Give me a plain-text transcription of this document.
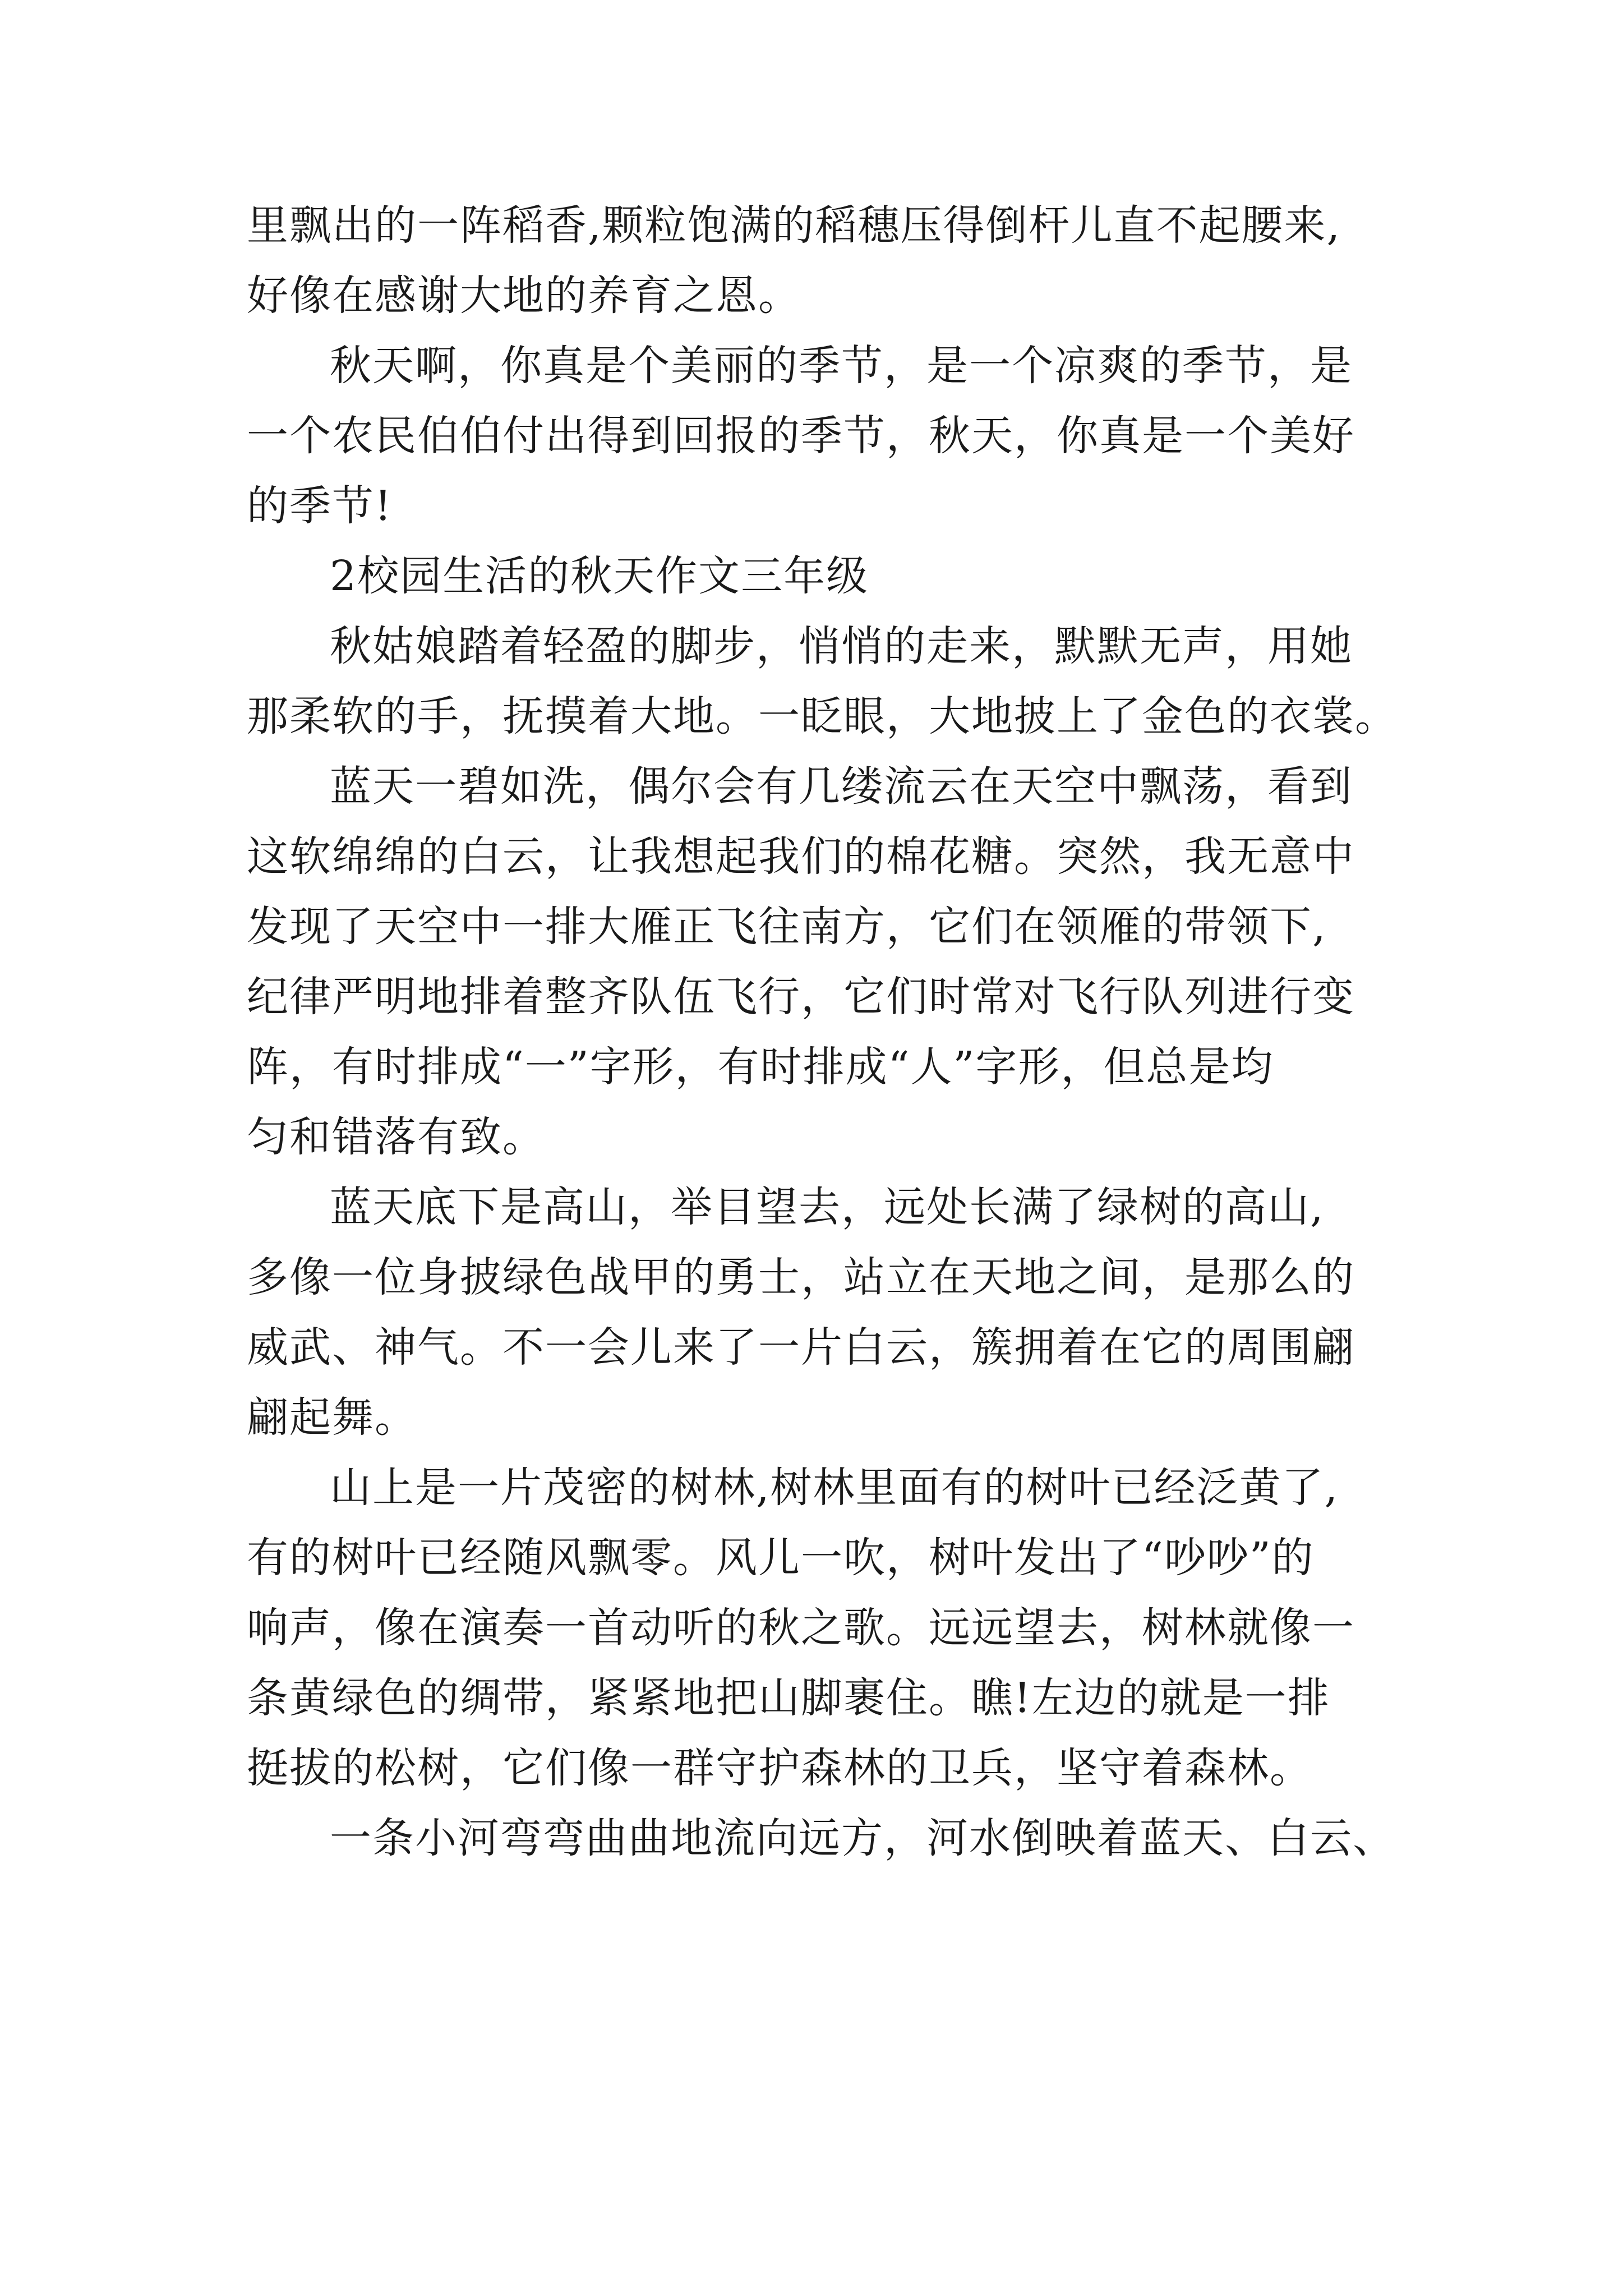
里飘出的一阵稻香,颗粒饱满的稻穗压得倒杆儿直不起腰来,
好像在感谢大地的养育之恩。
秋天啊，你真是个美丽的季节，是一个凉爽的季节，是
一个农民伯伯付出得到回报的季节，秋天，你真是一个美好
的季节!
2校园生活的秋天作文三年级
秋姑娘踏着轻盈的脚步，悄悄的走来，默默无声，用她
那柔软的手，抚摸着大地。一眨眼，大地披上了金色的衣裳。
蓝天一碧如洗，偶尔会有几缕流云在天空中飘荡，看到
这软绵绵的白云，让我想起我们的棉花糖。突然，我无意中
发现了天空中一排大雁正飞往南方，它们在领雁的带领下,
纪律严明地排着整齐队伍飞行，它们时常对飞行队列进行变
阵，有时排成“一”字形，有时排成“人”字形，但总是均
匀和错落有致。
蓝天底下是高山，举目望去，远处长满了绿树的高山,
多像一位身披绿色战甲的勇士，站立在天地之间，是那么的
威武、神气。不一会儿来了一片白云，簇拥着在它的周围翩
翩起舞。
山上是一片茂密的树林,树林里面有的树叶已经泛黄了,
有的树叶已经随风飘零。风儿一吹，树叶发出了“吵吵”的
响声，像在演奏一首动听的秋之歌。远远望去，树林就像一
条黄绿色的绸带，紧紧地把山脚裹住。瞧!左边的就是一排
挺拔的松树，它们像一群守护森林的卫兵，坚守着森林。
一条小河弯弯曲曲地流向远方，河水倒映着蓝天、白云、
